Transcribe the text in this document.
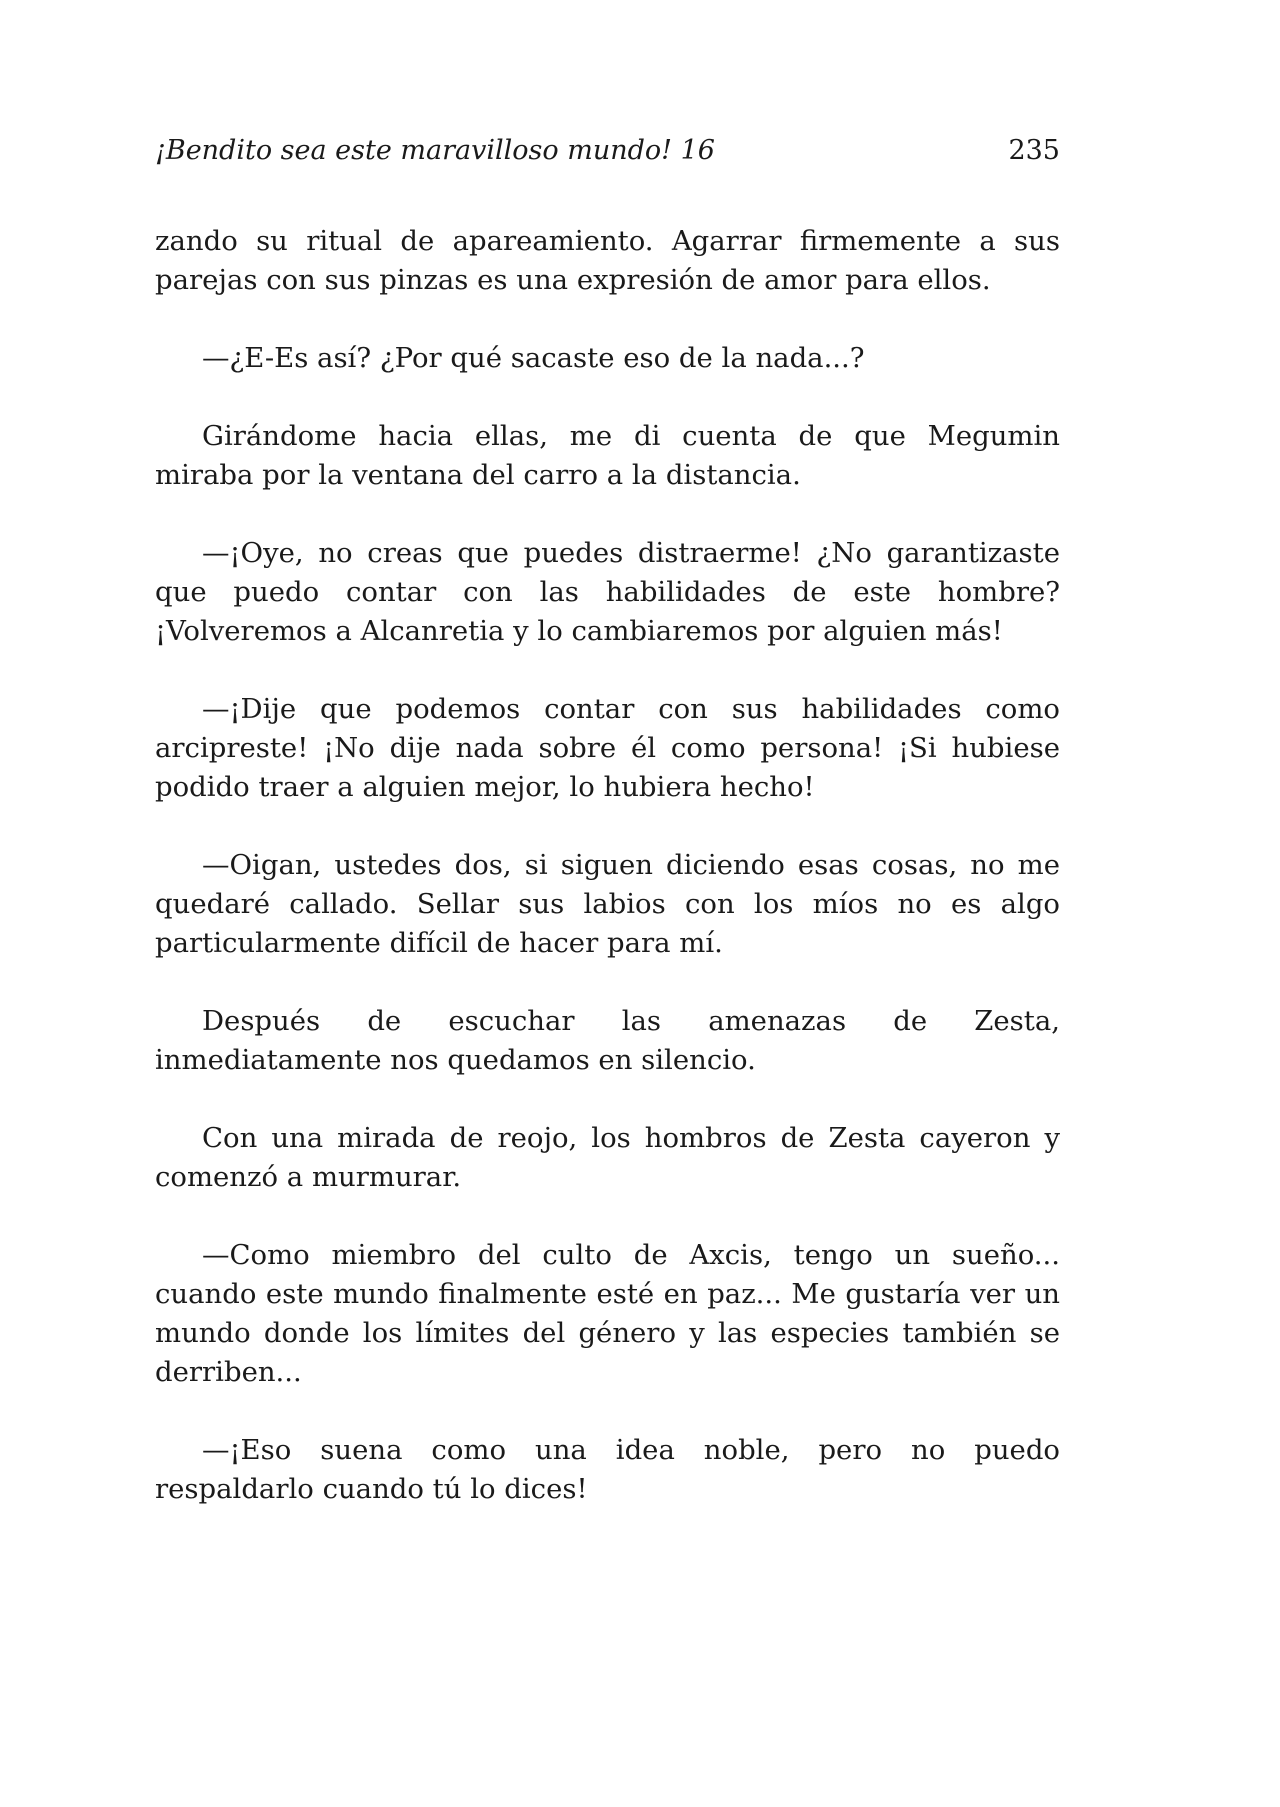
¡Bendito sea este maravilloso mundo! 16	235

zando su ritual de apareamiento. Agarrar firmemente a sus parejas con sus pinzas es una expresión de amor para ellos.

—¿E-Es así? ¿Por qué sacaste eso de la nada...?

Girándome hacia ellas, me di cuenta de que Megumin miraba por la ventana del carro a la distancia.

—¡Oye, no creas que puedes distraerme! ¿No garantizaste que puedo contar con las habilidades de este hombre? ¡Volveremos a Alcanretia y lo cambiaremos por alguien más!

—¡Dije que podemos contar con sus habilidades como arcipreste! ¡No dije nada sobre él como persona! ¡Si hubiese podido traer a alguien mejor, lo hubiera hecho!

—Oigan, ustedes dos, si siguen diciendo esas cosas, no me quedaré callado. Sellar sus labios con los míos no es algo particularmente difícil de hacer para mí.

Después de escuchar las amenazas de Zesta, inmediatamente nos quedamos en silencio.

Con una mirada de reojo, los hombros de Zesta cayeron y comenzó a murmurar.

—Como miembro del culto de Axcis, tengo un sueño... cuando este mundo finalmente esté en paz... Me gustaría ver un mundo donde los límites del género y las especies también se derriben...

—¡Eso suena como una idea noble, pero no puedo respaldarlo cuando tú lo dices!
